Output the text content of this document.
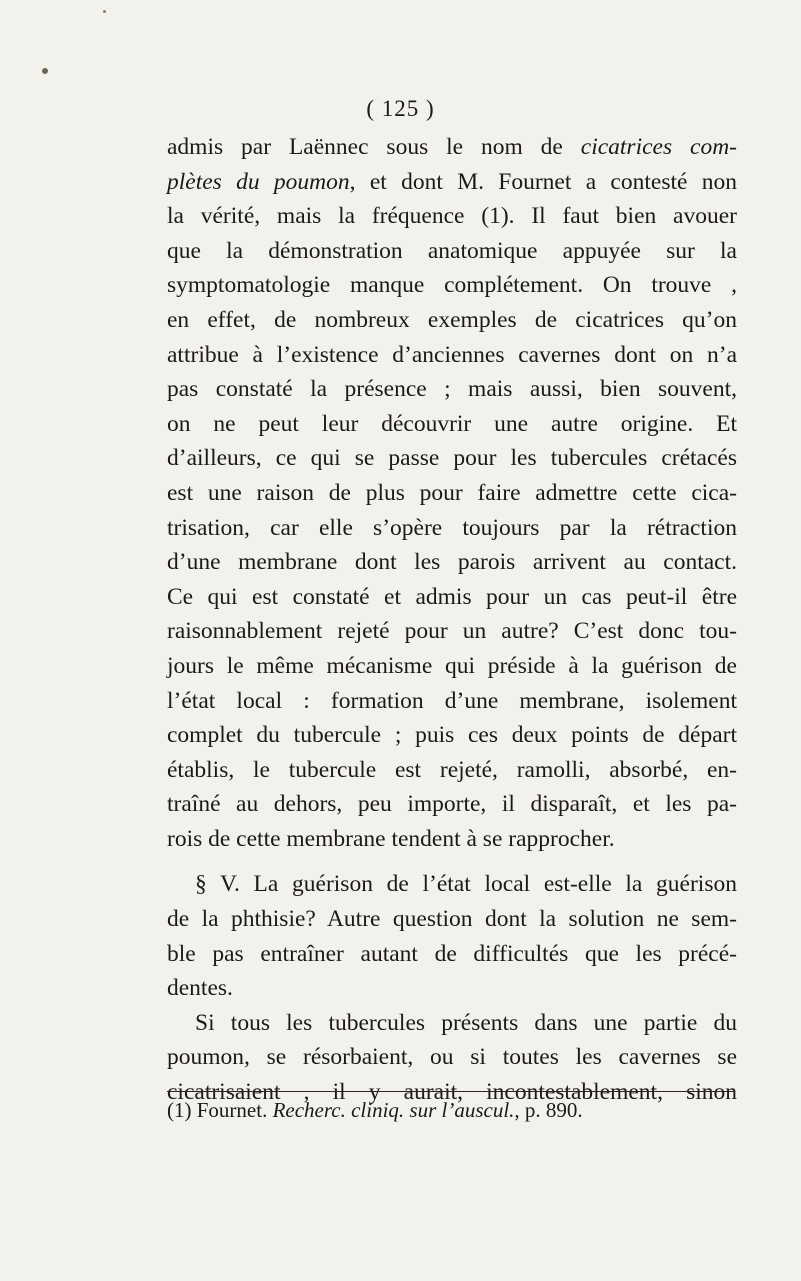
( 125 )
admis par Laënnec sous le nom de cicatrices com-
plètes du poumon, et dont M. Fournet a contesté non
la vérité, mais la fréquence (1). Il faut bien avouer
que la démonstration anatomique appuyée sur la
symptomatologie manque complétement. On trouve ,
en effet, de nombreux exemples de cicatrices qu’on
attribue à l’existence d’anciennes cavernes dont on n’a
pas constaté la présence ; mais aussi, bien souvent,
on ne peut leur découvrir une autre origine. Et
d’ailleurs, ce qui se passe pour les tubercules crétacés
est une raison de plus pour faire admettre cette cica-
trisation, car elle s’opère toujours par la rétraction
d’une membrane dont les parois arrivent au contact.
Ce qui est constaté et admis pour un cas peut-il être
raisonnablement rejeté pour un autre? C’est donc tou-
jours le même mécanisme qui préside à la guérison de
l’état local : formation d’une membrane, isolement
complet du tubercule ; puis ces deux points de départ
établis, le tubercule est rejeté, ramolli, absorbé, en-
traîné au dehors, peu importe, il disparaît, et les pa-
rois de cette membrane tendent à se rapprocher.
§ V. La guérison de l’état local est-elle la guérison
de la phthisie? Autre question dont la solution ne sem-
ble pas entraîner autant de difficultés que les précé-
dentes.
Si tous les tubercules présents dans une partie du
poumon, se résorbaient, ou si toutes les cavernes se
cicatrisaient , il y aurait, incontestablement, sinon
(1) Fournet. Recherc. cliniq. sur l’auscul., p. 890.
